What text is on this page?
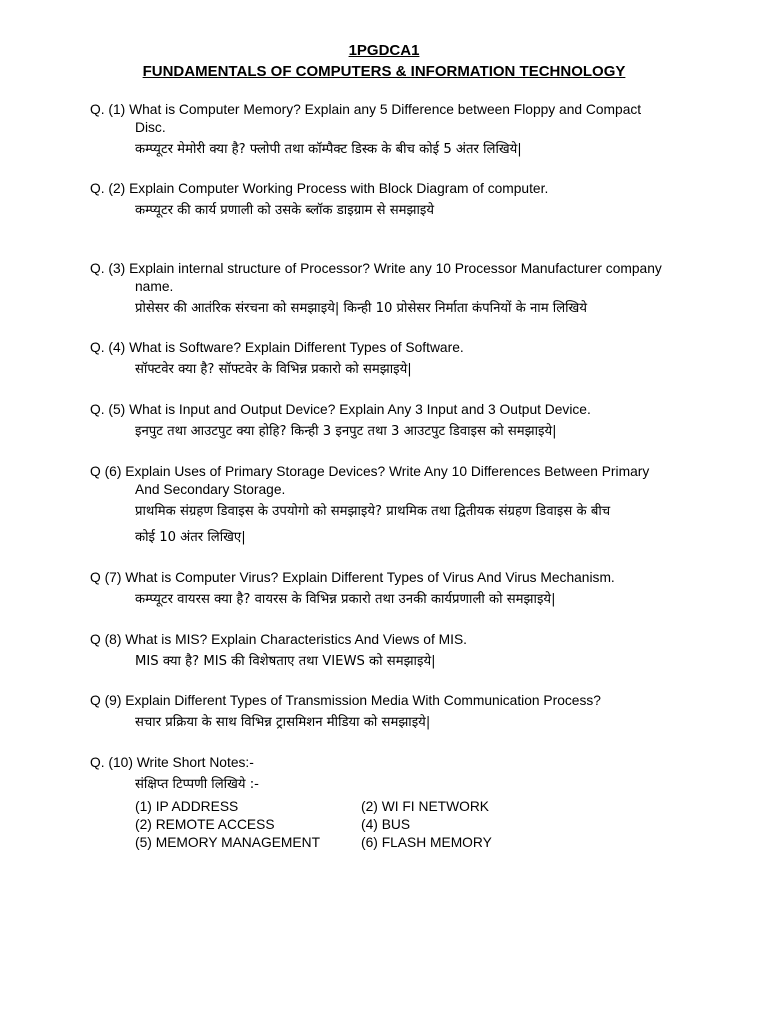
1PGDCA1
FUNDAMENTALS OF COMPUTERS & INFORMATION TECHNOLOGY
Q. (1) What is Computer Memory? Explain any 5 Difference between Floppy and Compact
Disc.
कम्प्यूटर मेमोरी क्या है? फ्लोपी तथा कॉम्पैक्ट डिस्क के बीच कोई 5 अंतर लिखिये|
Q. (2) Explain Computer Working Process with Block Diagram of computer.
कम्प्यूटर की कार्य प्रणाली को उसके ब्लॉक डाइग्राम से समझाइये
Q. (3) Explain internal structure of Processor? Write any 10 Processor Manufacturer company
name.
प्रोसेसर की आतंरिक संरचना को समझाइये| किन्ही 10 प्रोसेसर निर्माता कंपनियों के नाम लिखिये
Q. (4) What is Software? Explain Different Types of Software.
सॉफ्टवेर क्या है? सॉफ्टवेर के विभिन्न प्रकारो को समझाइये|
Q. (5) What is Input and Output Device? Explain Any 3 Input and 3 Output Device.
इनपुट तथा आउटपुट क्या होहि? किन्ही 3 इनपुट तथा 3 आउटपुट डिवाइस को समझाइये|
Q (6) Explain Uses of Primary Storage Devices? Write Any 10 Differences Between Primary
And Secondary Storage.
प्राथमिक संग्रहण डिवाइस के उपयोगो को समझाइये? प्राथमिक तथा द्वितीयक संग्रहण डिवाइस के बीच
कोई 10 अंतर लिखिए|
Q (7) What is Computer Virus? Explain Different Types of Virus And Virus Mechanism.
कम्प्यूटर वायरस क्या है? वायरस के विभिन्न प्रकारो तथा उनकी कार्यप्रणाली को समझाइये|
Q (8) What is MIS? Explain Characteristics And Views of MIS.
MIS क्या है? MIS की विशेषताए तथा VIEWS को समझाइये|
Q (9) Explain Different Types of Transmission Media With Communication Process?
सचार प्रक्रिया के साथ विभिन्न ट्रासमिशन मीडिया को समझाइये|
Q. (10) Write Short Notes:-
संक्षिप्त टिप्पणी लिखिये :-
(1) IP ADDRESS	(2) WI FI NETWORK
(2) REMOTE ACCESS	(4) BUS
(5) MEMORY MANAGEMENT	(6) FLASH MEMORY
